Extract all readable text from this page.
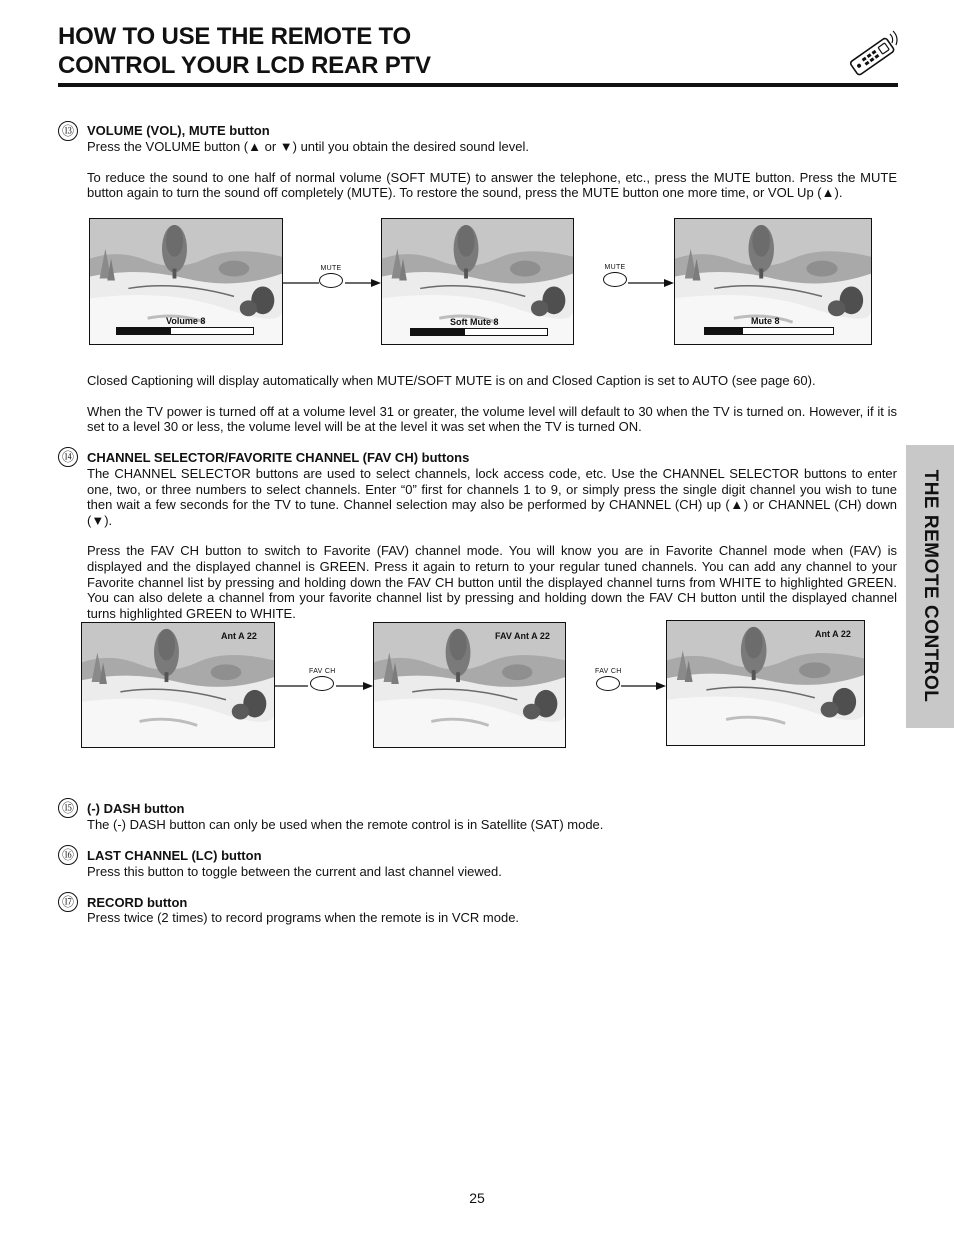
HOW TO USE THE REMOTE TO
CONTROL YOUR LCD REAR PTV
THE REMOTE CONTROL
⑬	VOLUME (VOL), MUTE button

Press the VOLUME button (▲ or ▼) until you obtain the desired sound level.

To reduce the sound to one half of normal volume (SOFT MUTE) to answer the telephone, etc., press the MUTE button. Press the MUTE button again to turn the sound off completely (MUTE). To restore the sound, press the MUTE button one more time, or VOL Up (▲).

Volume 8
MUTE
Soft Mute 8
MUTE
Mute 8

Closed Captioning will display automatically when MUTE/SOFT MUTE is on and Closed Caption is set to AUTO (see page 60).

When the TV power is turned off at a volume level 31 or greater, the volume level will default to 30 when the TV is turned on. However, if it is set to a level 30 or less, the volume level will be at the level it was set when the TV is turned ON.

⑭	CHANNEL SELECTOR/FAVORITE CHANNEL (FAV CH) buttons

The CHANNEL SELECTOR buttons are used to select channels, lock access code, etc. Use the CHANNEL SELECTOR buttons to enter one, two, or three numbers to select channels. Enter “0” first for channels 1 to 9, or simply press the single digit channel you wish to tune then wait a few seconds for the TV to tune. Channel selection may also be performed by CHANNEL (CH) up (▲) or CHANNEL (CH) down (▼).

Press the FAV CH button to switch to Favorite (FAV) channel mode. You will know you are in Favorite Channel mode when (FAV) is displayed and the displayed channel is GREEN. Press it again to return to your regular tuned channels. You can add any channel to your Favorite channel list by pressing and holding down the FAV CH button until the displayed channel turns from WHITE to highlighted GREEN. You can also delete a channel from your favorite channel list by pressing and holding down the FAV CH button until the displayed channel turns highlighted GREEN to WHITE.

Ant A 22
FAV CH
FAV Ant A 22
FAV CH
Ant A 22
⑮	(-) DASH button

The (-) DASH button can only be used when the remote control is in Satellite (SAT) mode.

⑯	LAST CHANNEL (LC) button

Press this button to toggle between the current and last channel viewed.

⑰	RECORD button

Press twice (2 times) to record programs when the remote is in VCR mode.

25
